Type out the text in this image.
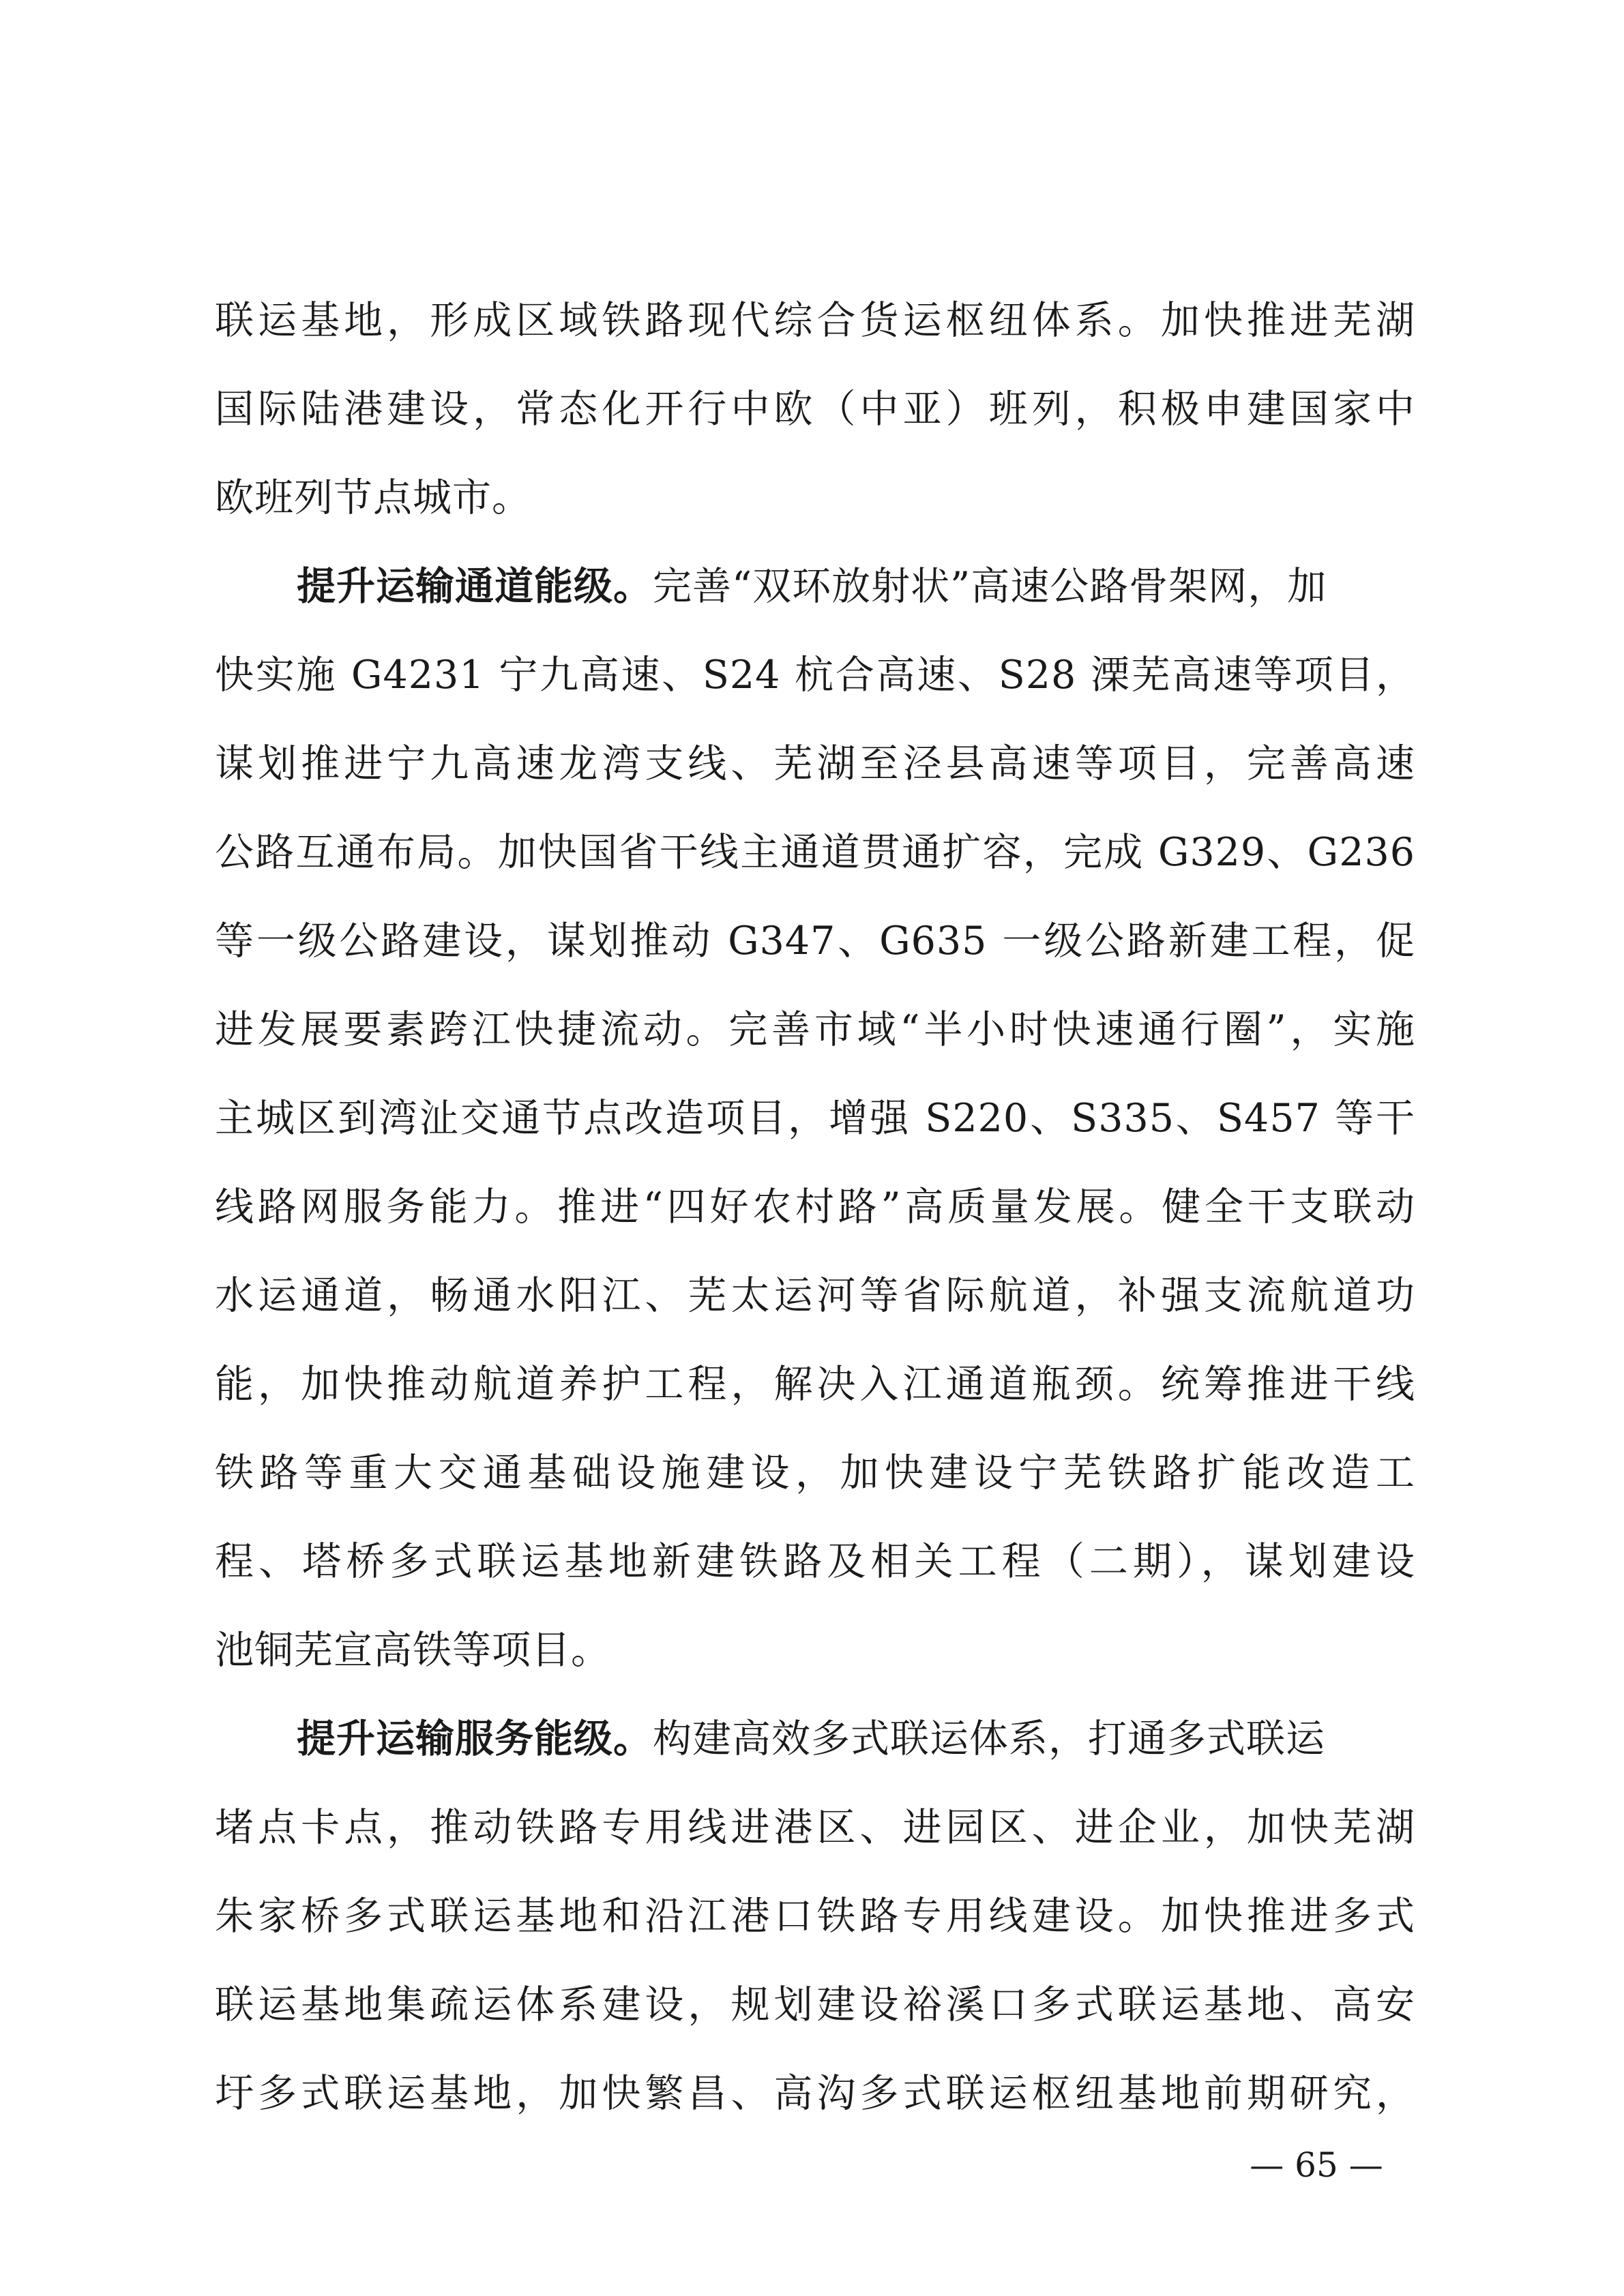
联运基地，形成区域铁路现代综合货运枢纽体系。加快推进芜湖
国际陆港建设，常态化开行中欧（中亚）班列，积极申建国家中
欧班列节点城市。
提升运输通道能级。完善“双环放射状”高速公路骨架网，加
快实施 G4231 宁九高速、S24 杭合高速、S28 溧芜高速等项目，
谋划推进宁九高速龙湾支线、芜湖至泾县高速等项目，完善高速
公路互通布局。加快国省干线主通道贯通扩容，完成 G329、G236
等一级公路建设，谋划推动 G347、G635 一级公路新建工程，促
进发展要素跨江快捷流动。完善市域“半小时快速通行圈”，实施
主城区到湾沚交通节点改造项目，增强 S220、S335、S457 等干
线路网服务能力。推进“四好农村路”高质量发展。健全干支联动
水运通道，畅通水阳江、芜太运河等省际航道，补强支流航道功
能，加快推动航道养护工程，解决入江通道瓶颈。统筹推进干线
铁路等重大交通基础设施建设，加快建设宁芜铁路扩能改造工
程、塔桥多式联运基地新建铁路及相关工程（二期），谋划建设
池铜芜宣高铁等项目。
提升运输服务能级。构建高效多式联运体系，打通多式联运
堵点卡点，推动铁路专用线进港区、进园区、进企业，加快芜湖
朱家桥多式联运基地和沿江港口铁路专用线建设。加快推进多式
联运基地集疏运体系建设，规划建设裕溪口多式联运基地、高安
圩多式联运基地，加快繁昌、高沟多式联运枢纽基地前期研究，
— 65 —
